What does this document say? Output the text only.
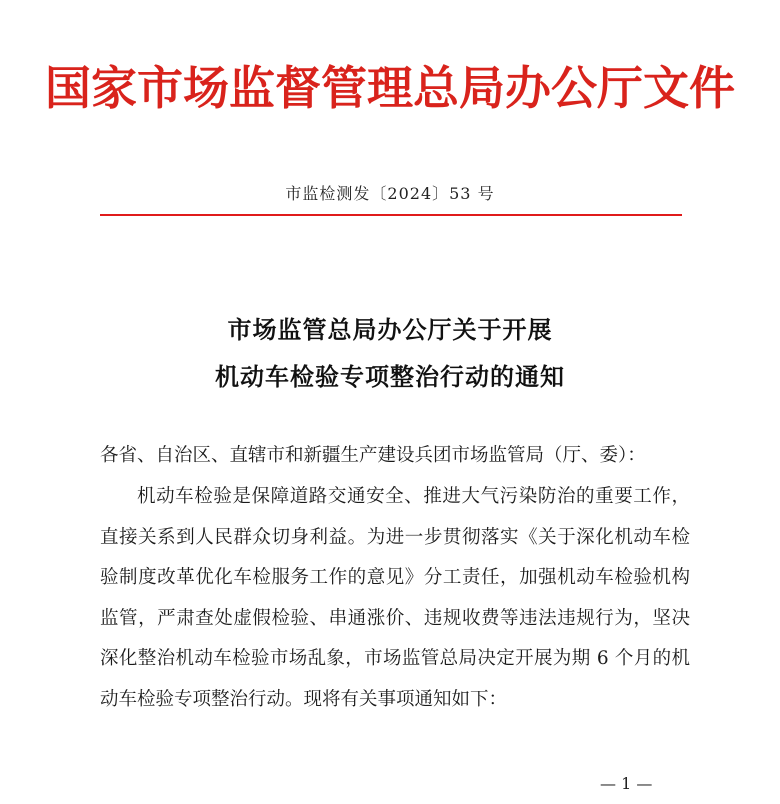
国家市场监督管理总局办公厅文件
市监检测发〔2024〕53 号
市场监管总局办公厅关于开展
机动车检验专项整治行动的通知
各省、自治区、直辖市和新疆生产建设兵团市场监管局（厅、委）：
机动车检验是保障道路交通安全、推进大气污染防治的重要工作，直接关系到人民群众切身利益。为进一步贯彻落实《关于深化机动车检验制度改革优化车检服务工作的意见》分工责任，加强机动车检验机构监管，严肃查处虚假检验、串通涨价、违规收费等违法违规行为，坚决深化整治机动车检验市场乱象，市场监管总局决定开展为期 6 个月的机动车检验专项整治行动。现将有关事项通知如下：
— 1 —
